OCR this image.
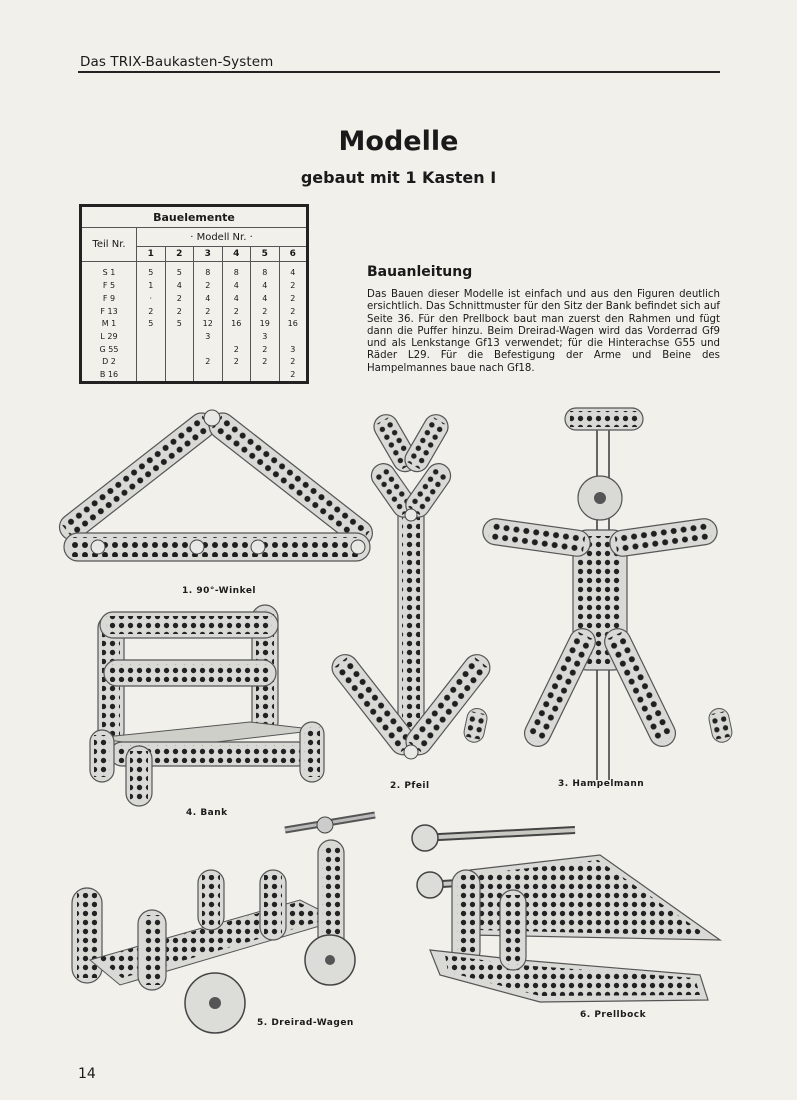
Das TRIX-Baukasten-System
Modelle
gebaut mit 1 Kasten I
Bauelemente						
Teil Nr.	· Modell Nr. ·					
	1	2	3	4	5	6
S 1	5	5	8	8	8	4
F 5	1	4	2	4	4	2
F 9	·	2	4	4	4	2
F 13	2	2	2	2	2	2
M 1	5	5	12	16	19	16
L 29			3		3	
G 55				2	2	3
D 2			2	2	2	2
B 16						2
Bauanleitung
Das Bauen dieser Modelle ist einfach und aus den Figuren deutlich ersichtlich. Das Schnittmuster für den Sitz der Bank befindet sich auf Seite 36. Für den Prellbock baut man zuerst den Rahmen und fügt dann die Puffer hinzu. Beim Dreirad-Wagen wird das Vorderrad Gf9 und als Lenkstange Gf13 verwendet; für die Hinterachse G55 und Räder L29. Für die Befestigung der Arme und Beine des Hampelmannes baue nach Gf18.
1. 90°-Winkel
2. Pfeil	3. Hampelmann
4. Bank
5. Dreirad-Wagen
6. Prellbock
14
